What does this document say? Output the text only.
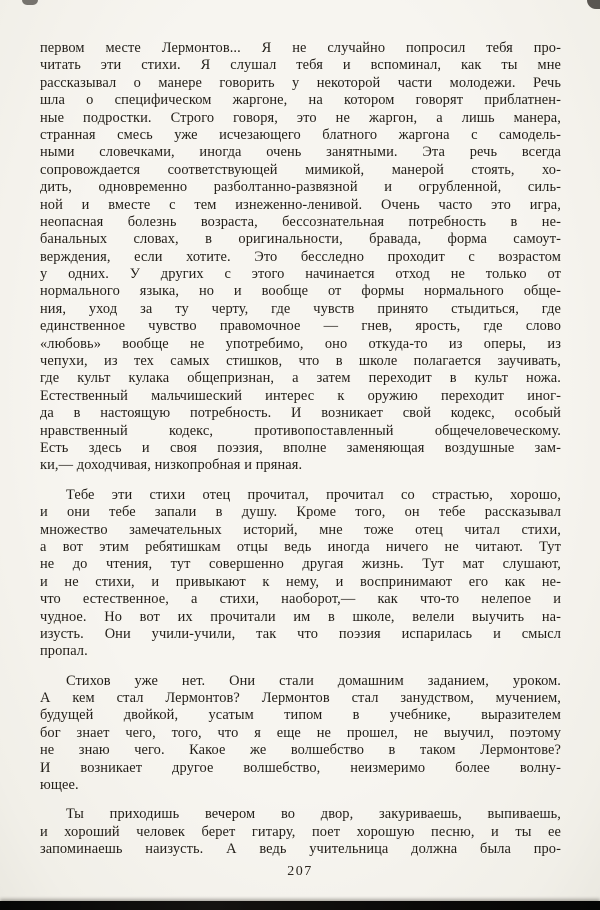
первом месте Лермонтов... Я не случайно попросил тебя про-
читать эти стихи. Я слушал тебя и вспоминал, как ты мне
рассказывал о манере говорить у некоторой части молодежи. Речь
шла о специфическом жаргоне, на котором говорят приблатнен-
ные подростки. Строго говоря, это не жаргон, а лишь манера,
странная смесь уже исчезающего блатного жаргона с самодель-
ными словечками, иногда очень занятными. Эта речь всегда
сопровождается соответствующей мимикой, манерой стоять, хо-
дить, одновременно разболтанно-развязной и огрубленной, силь-
ной и вместе с тем изнеженно-ленивой. Очень часто это игра,
неопасная болезнь возраста, бессознательная потребность в не-
банальных словах, в оригинальности, бравада, форма самоут-
верждения, если хотите. Это бесследно проходит с возрастом
у одних. У других с этого начинается отход не только от
нормального языка, но и вообще от формы нормального обще-
ния, уход за ту черту, где чувств принято стыдиться, где
единственное чувство правомочное — гнев, ярость, где слово
«любовь» вообще не употребимо, оно откуда-то из оперы, из
чепухи, из тех самых стишков, что в школе полагается заучивать,
где культ кулака общепризнан, а затем переходит в культ ножа.
Естественный мальчишеский интерес к оружию переходит иног-
да в настоящую потребность. И возникает свой кодекс, особый
нравственный кодекс, противопоставленный общечеловеческому.
Есть здесь и своя поэзия, вполне заменяющая воздушные зам-
ки,— доходчивая, низкопробная и пряная.
Тебе эти стихи отец прочитал, прочитал со страстью, хорошо,
и они тебе запали в душу. Кроме того, он тебе рассказывал
множество замечательных историй, мне тоже отец читал стихи,
а вот этим ребятишкам отцы ведь иногда ничего не читают. Тут
не до чтения, тут совершенно другая жизнь. Тут мат слушают,
и не стихи, и привыкают к нему, и воспринимают его как не-
что естественное, а стихи, наоборот,— как что-то нелепое и
чудное. Но вот их прочитали им в школе, велели выучить на-
изусть. Они учили-учили, так что поэзия испарилась и смысл
пропал.
Стихов уже нет. Они стали домашним заданием, уроком.
А кем стал Лермонтов? Лермонтов стал занудством, мучением,
будущей двойкой, усатым типом в учебнике, выразителем
бог знает чего, того, что я еще не прошел, не выучил, поэтому
не знаю чего. Какое же волшебство в таком Лермонтове?
И возникает другое волшебство, неизмеримо более волну-
ющее.
Ты приходишь вечером во двор, закуриваешь, выпиваешь,
и хороший человек берет гитару, поет хорошую песню, и ты ее
запоминаешь наизусть. А ведь учительница должна была про-
207
